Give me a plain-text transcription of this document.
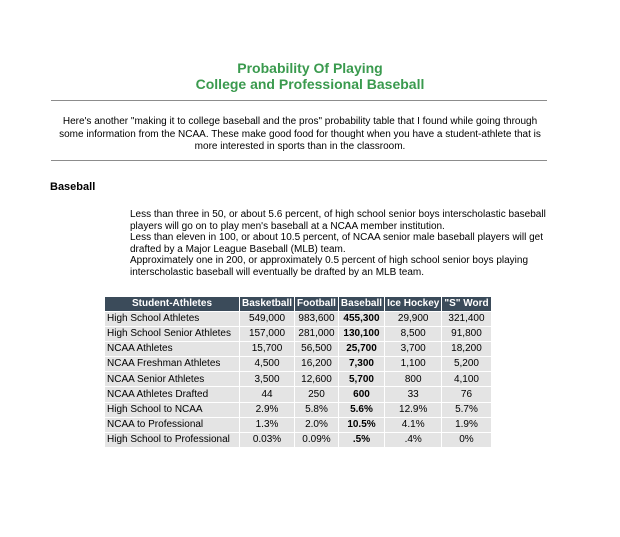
Probability Of Playing
College and Professional Baseball
Here's another "making it to college baseball and the pros" probability table that I found while going through some information from the NCAA. These make good food for thought when you have a student-athlete that is more interested in sports than in the classroom.
Baseball

Less than three in 50, or about 5.6 percent, of high school senior boys interscholastic baseball players will go on to play men's baseball at a NCAA member institution.

Less than eleven in 100, or about 10.5 percent, of NCAA senior male baseball players will get drafted by a Major League Baseball (MLB) team.

Approximately one in 200, or approximately 0.5 percent of high school senior boys playing interscholastic baseball will eventually be drafted by an MLB team.

Student-Athletes	Basketball	Football	Baseball	Ice Hockey	"S" Word
High School Athletes	549,000	983,600	455,300	29,900	321,400
High School Senior Athletes	157,000	281,000	130,100	8,500	91,800
NCAA Athletes	15,700	56,500	25,700	3,700	18,200
NCAA Freshman Athletes	4,500	16,200	7,300	1,100	5,200
NCAA Senior Athletes	3,500	12,600	5,700	800	4,100
NCAA Athletes Drafted	44	250	600	33	76
High School to NCAA	2.9%	5.8%	5.6%	12.9%	5.7%
NCAA to Professional	1.3%	2.0%	10.5%	4.1%	1.9%
High School to Professional	0.03%	0.09%	.5%	.4%	0%
